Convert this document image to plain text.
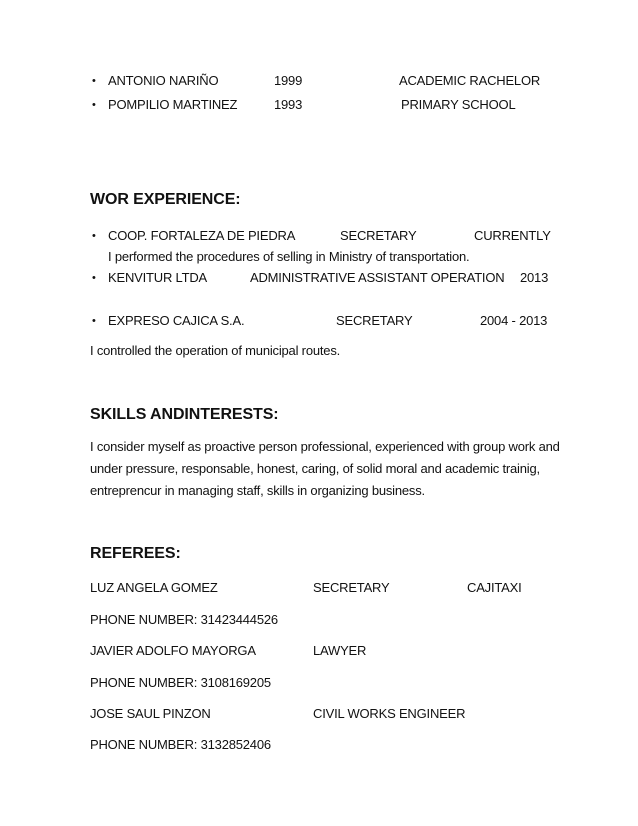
• ANTONIO NARIÑO	1999	ACADEMIC RACHELOR
• POMPILIO MARTINEZ	1993	PRIMARY SCHOOL
WOR EXPERIENCE:
• COOP. FORTALEZA DE PIEDRA	SECRETARY	CURRENTLY
I performed the procedures of selling in Ministry of transportation.
• KENVITUR LTDA	ADMINISTRATIVE ASSISTANT OPERATION 2013
• EXPRESO CAJICA S.A.	SECRETARY	2004 - 2013
I controlled the operation of municipal routes.
SKILLS ANDINTERESTS:
I consider myself as proactive person professional, experienced with group work and under pressure, responsable, honest, caring, of solid moral and academic trainig, entreprencur in managing staff, skills in organizing business.
REFEREES:
LUZ ANGELA GOMEZ	SECRETARY	CAJITAXI
PHONE NUMBER: 31423444526
JAVIER ADOLFO MAYORGA	LAWYER
PHONE NUMBER: 3108169205
JOSE SAUL PINZON	CIVIL WORKS ENGINEER
PHONE NUMBER: 3132852406
